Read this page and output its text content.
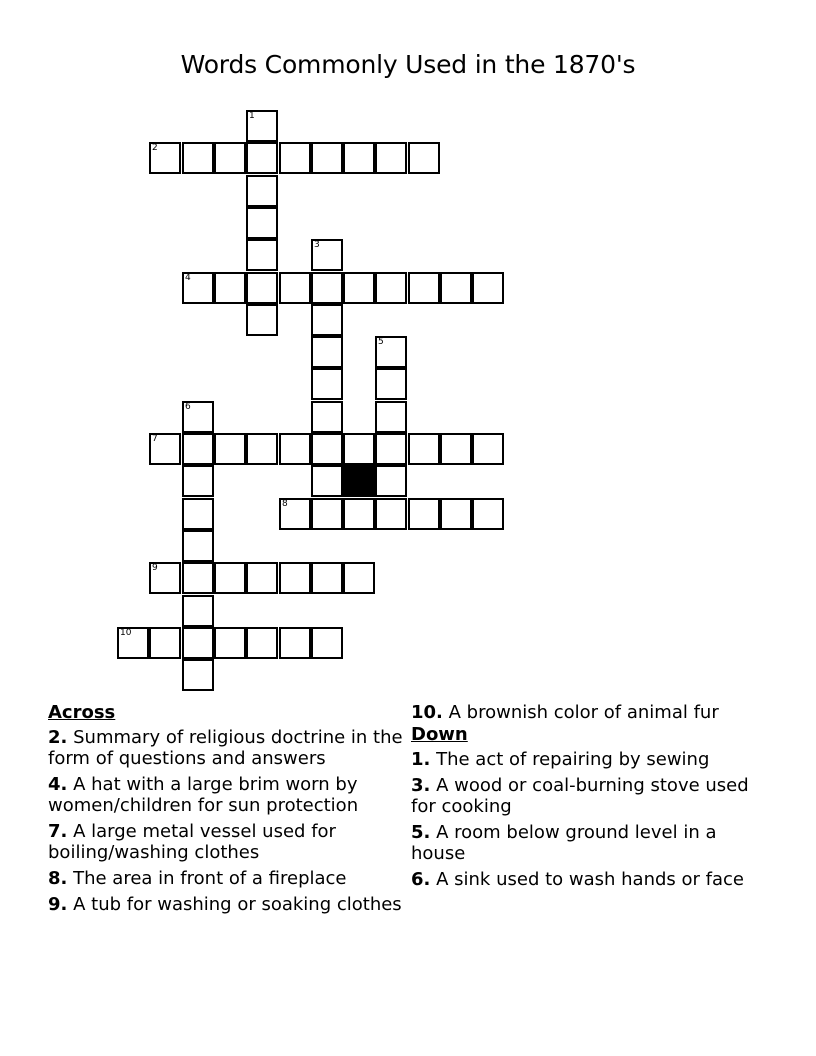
Words Commonly Used in the 1870's
1
2
3
4
5
6
7
8
9
10
Across
2. Summary of religious doctrine in the form of questions and answers
4. A hat with a large brim worn by women/children for sun protection
7. A large metal vessel used for boiling/washing clothes
8. The area in front of a fireplace
9. A tub for washing or soaking clothes
10. A brownish color of animal fur
Down
1. The act of repairing by sewing
3. A wood or coal-burning stove used for cooking
5. A room below ground level in a house
6. A sink used to wash hands or face
